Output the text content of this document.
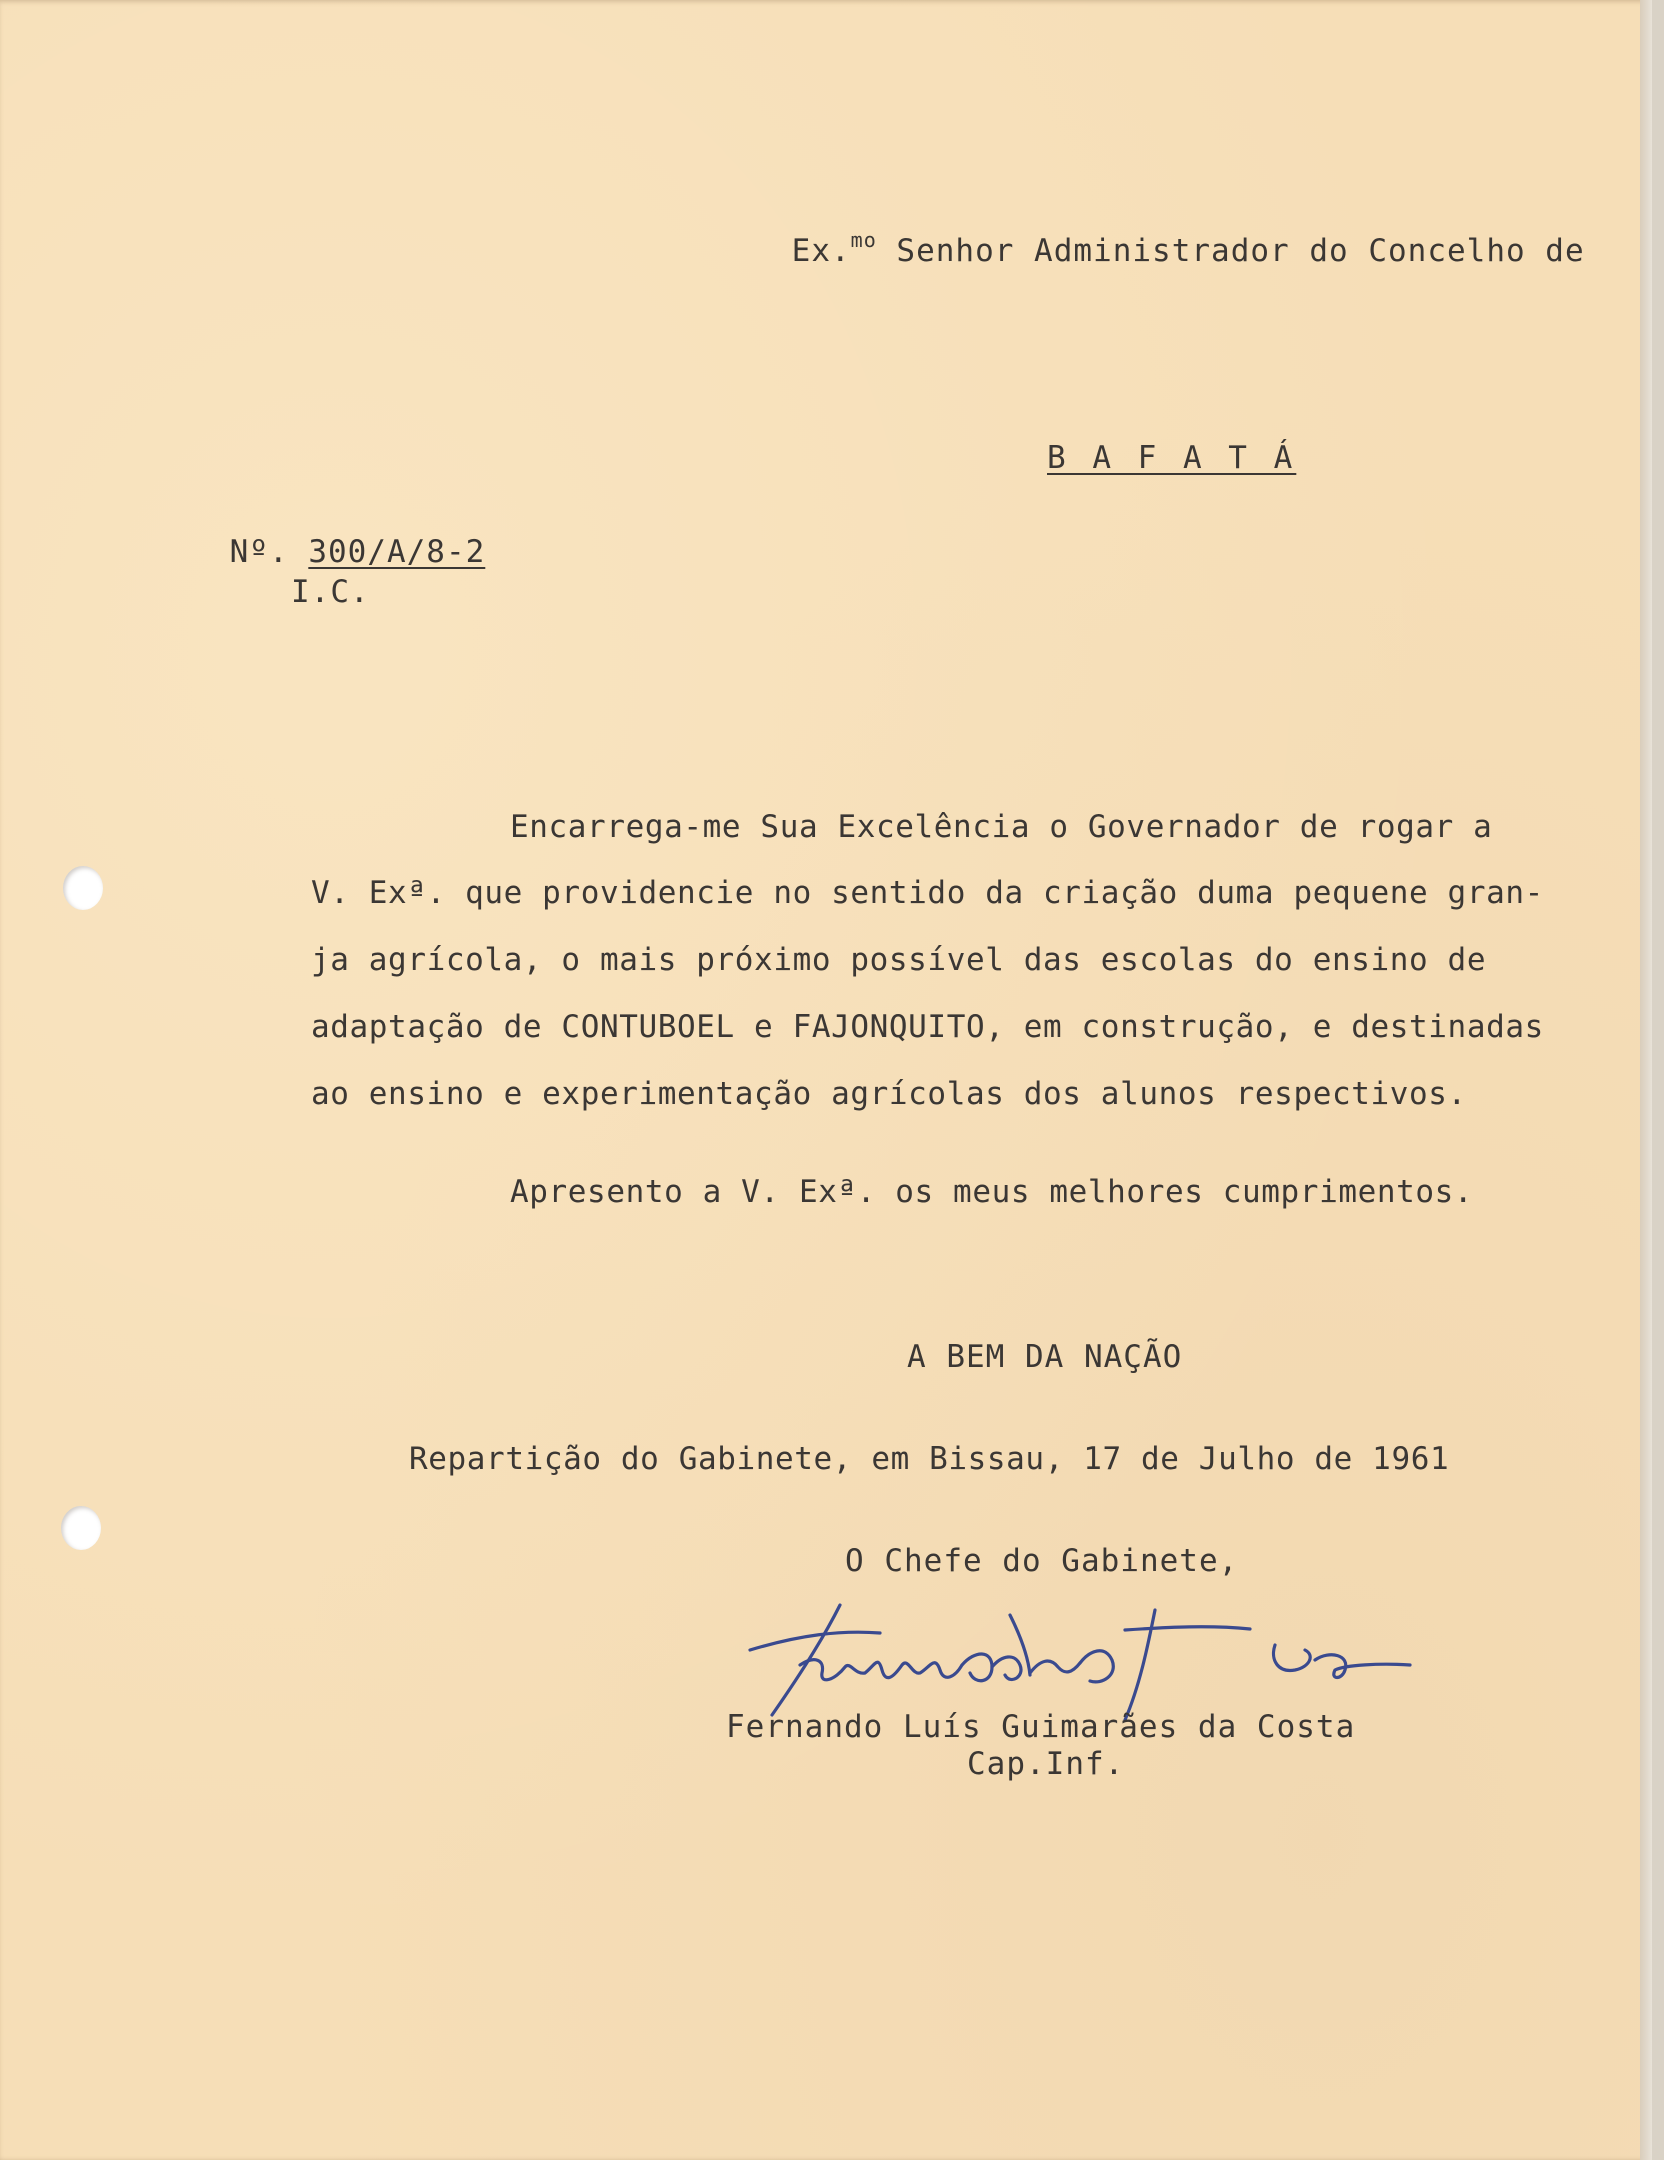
Ex.$^{mo}$ Senhor Administrador do Concelho de

B A F A T Á

Nº. 300/A/8-2

I.C.
Encarrega-me Sua Excelência o Governador de rogar a
V. Exª. que providencie no sentido da criação duma pequene gran-
ja agrícola, o mais próximo possível das escolas do ensino de
adaptação de CONTUBOEL e FAJONQUITO, em construção, e destinadas
ao ensino e experimentação agrícolas dos alunos respectivos.
Apresento a V. Exª. os meus melhores cumprimentos.
A BEM DA NAÇÃO
Repartição do Gabinete, em Bissau, 17 de Julho de 1961
O Chefe do Gabinete,
Fernando Luís Guimarães da Costa
Cap.Inf.
